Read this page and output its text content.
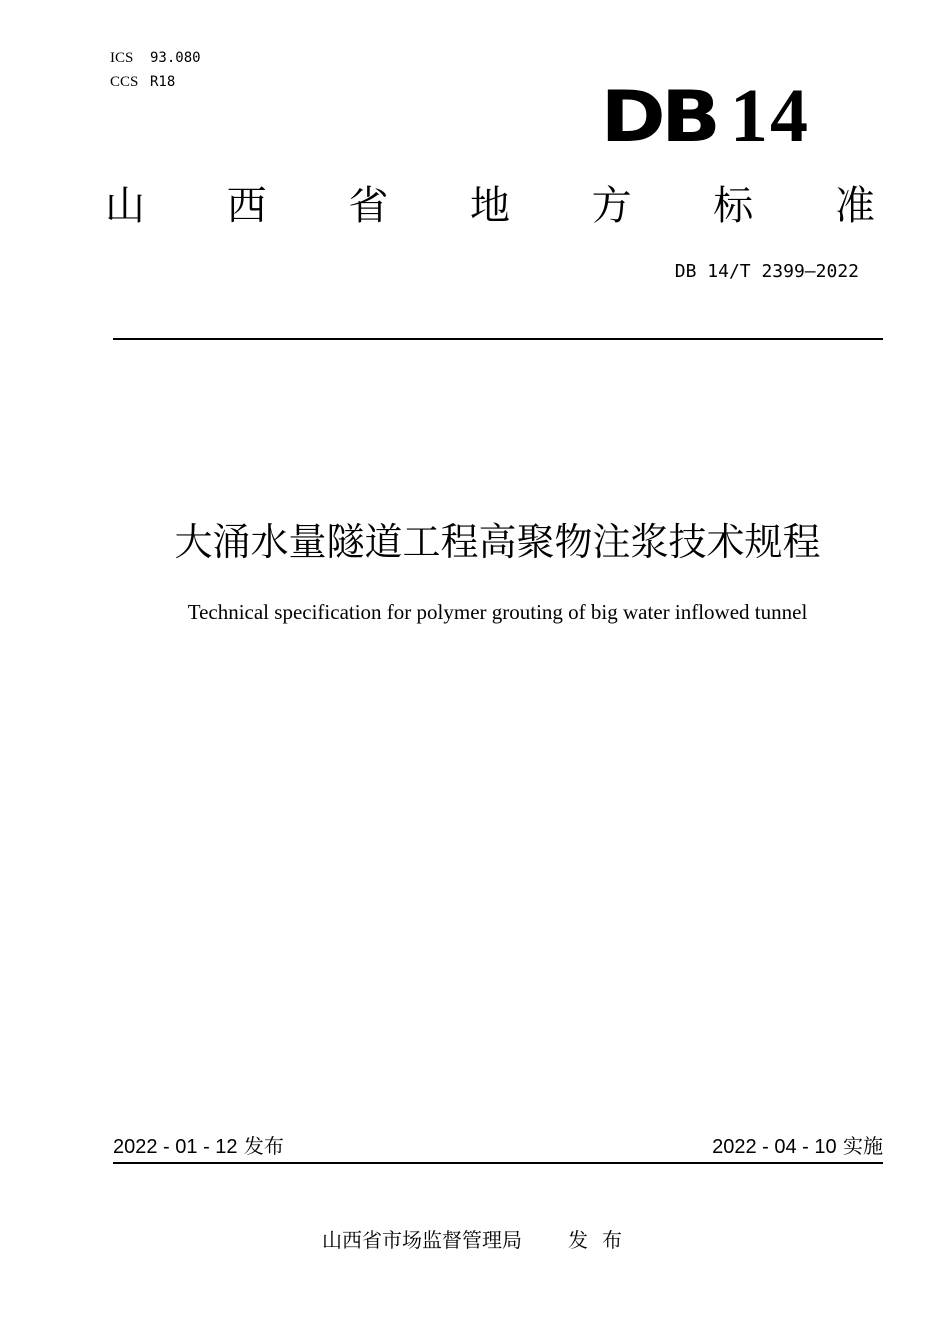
ICS	93.080
CCS R18	DB 14
山 西 省 地 方 标 准
DB 14/T 2399—2022
大涌水量隧道工程高聚物注浆技术规程
Technical specification for polymer grouting of big water inflowed tunnel
2022 - 01 - 12 发布	2022 - 04 - 10 实施
山西省市场监督管理局 发布
